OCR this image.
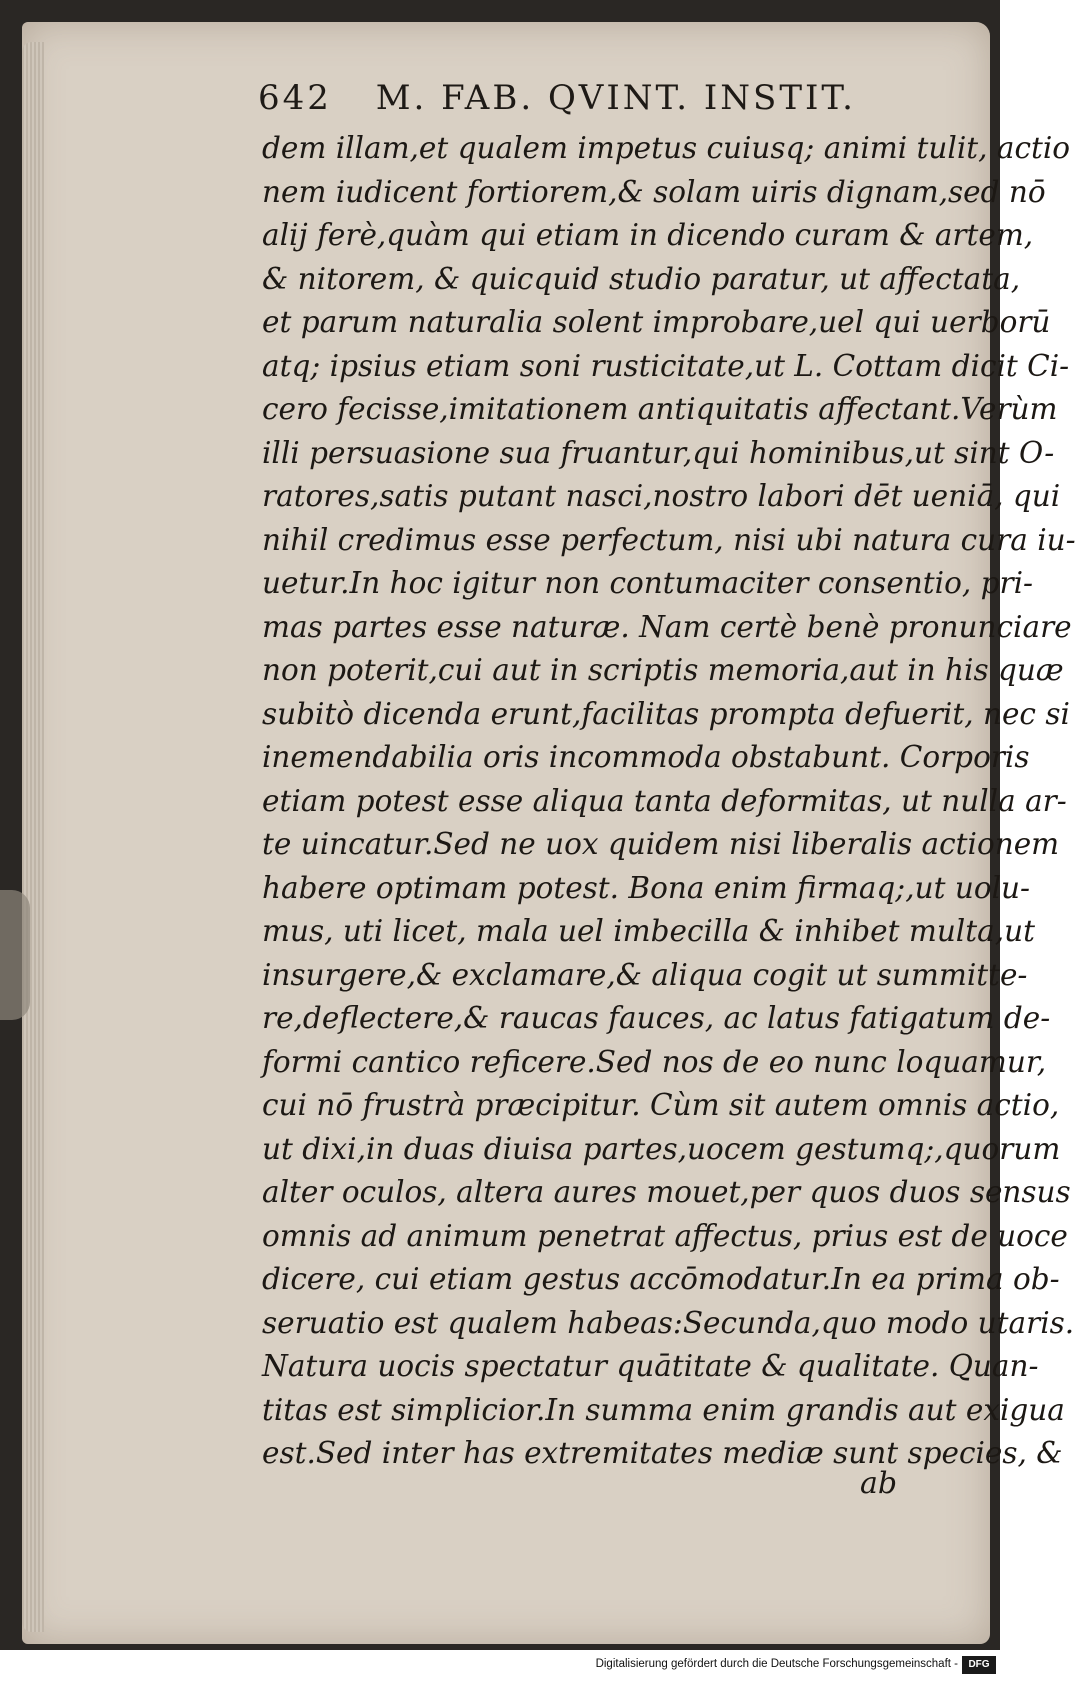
642 M. FAB. QVINT. INSTIT.
dem illam,et qualem impetus cuiusq; animi tulit, actio
nem iudicent fortiorem,& solam uiris dignam,sed nō
alij ferè,quàm qui etiam in dicendo curam & artem,
& nitorem, & quicquid studio paratur, ut affectata,
et parum naturalia solent improbare,uel qui uerborū
atq; ipsius etiam soni rusticitate,ut L. Cottam dicit Ci-
cero fecisse,imitationem antiquitatis affectant.Verùm
illi persuasione sua fruantur,qui hominibus,ut sint O-
ratores,satis putant nasci,nostro labori dēt ueniā, qui
nihil credimus esse perfectum, nisi ubi natura cura iu-
uetur.In hoc igitur non contumaciter consentio, pri-
mas partes esse naturæ. Nam certè benè pronunciare
non poterit,cui aut in scriptis memoria,aut in his quæ
subitò dicenda erunt,facilitas prompta defuerit, nec si
inemendabilia oris incommoda obstabunt. Corporis
etiam potest esse aliqua tanta deformitas, ut nulla ar-
te uincatur.Sed ne uox quidem nisi liberalis actionem
habere optimam potest. Bona enim firmaq;,ut uolu-
mus, uti licet, mala uel imbecilla & inhibet multa,ut
insurgere,& exclamare,& aliqua cogit ut summitte-
re,deflectere,& raucas fauces, ac latus fatigatum de-
formi cantico reficere.Sed nos de eo nunc loquamur,
cui nō frustrà præcipitur. Cùm sit autem omnis actio,
ut dixi,in duas diuisa partes,uocem gestumq;,quorum
alter oculos, altera aures mouet,per quos duos sensus
omnis ad animum penetrat affectus, prius est de uoce
dicere, cui etiam gestus accōmodatur.In ea prima ob-
seruatio est qualem habeas:Secunda,quo modo utaris.
Natura uocis spectatur quātitate & qualitate. Quan-
titas est simplicior.In summa enim grandis aut exigua
est.Sed inter has extremitates mediæ sunt species, &
ab
Digitalisierung gefördert durch die Deutsche Forschungsgemeinschaft -	DFG
